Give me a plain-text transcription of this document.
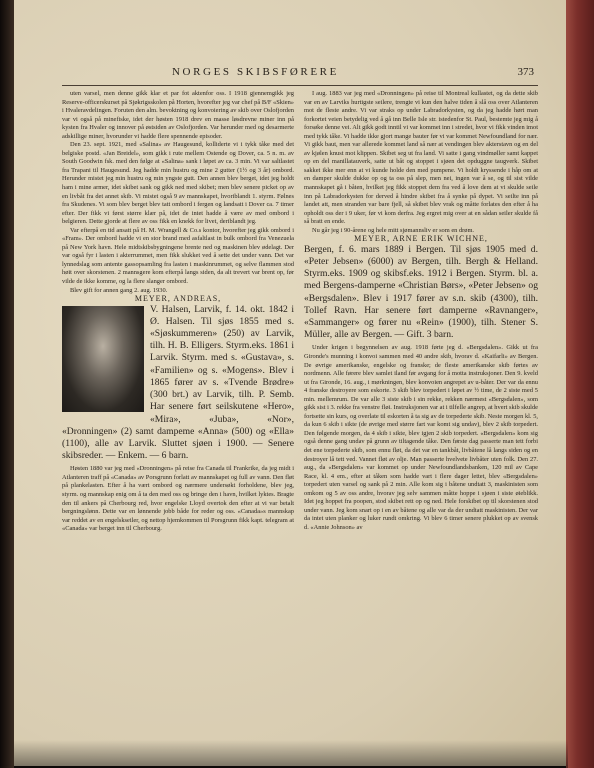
NORGES SKIBSFØRERE	373

uten varsel, men denne gikk klar et par fot aktenfor oss. I 1918 gjennemgikk jeg Reserve-officerskurset på Sjøkrigsskolen på Horten, hvorefter jeg var chef på B/F «Skien» i Hvaleravdelingen. Foruten den alm. bevoktning og konvoiering av skib over Oslofjorden var vi også på minefiske, idet der høsten 1918 drev en masse løsdrevne miner inn på kysten fra Hvaler og innover på østsiden av Oslofjorden. Var herunder med og desarmerte adskillige miner, hvorunder vi hadde flere spennende episoder.

Den 23. sept. 1921, med «Salina» av Haugesund, kolliderte vi i tykk tåke med det belgiske postd. «Jan Breidel», som gikk i rute mellem Ostende og Dover, ca. 5 n. m. av South Goodwin fsk. med den følge at «Salina» sank i løpet av ca. 3 min. Vi var saltlastet fra Trapani til Haugesund. Jeg hadde min hustru og mine 2 gutter (1½ og 3 år) ombord. Herunder mistet jeg min hustru og min yngste gutt. Den annen blev berget, idet jeg holdt ham i mine armer, idet skibet sank og gikk ned med skibet; men blev senere picket op av en livbåt fra det annet skib. Vi mistet også 9 av mannskapet, hvoriblandt 1. styrm. Følnes fra Skudenes. Vi som blev berget blev tatt ombord i fergen og landsatt i Dover ca. 7 timer efter. Der fikk vi først større klær på, idet de intet hadde å være av med ombord i belgieren. Dette gjorde at flere av oss fikk en knekk for livet, deriblandt jeg.

Var efterpå en tid ansatt på H. M. Wrangell & Co.s kontor, hvorefter jeg gikk ombord i «Fram». Der ombord hadde vi en stor brand med asfaltlast in bulk ombord fra Venezuela på New York havn. Hele midtskibsbygningene brente ned og maskinen blev ødelagt. Der var også fyr i lasten i akterrummet, men fikk slukket ved å sette det under vann. Det var lynnedslag som antente gassopsamling fra lasten i maskinrummet, og selve flammen stod høit over skorstenen. 2 mannsgere kom efterpå langs siden, da alt trevert var brent op, før vilde de ikke komme, og la flere slanger ombord.

Blev gift for annen gang 2. aug. 1930.

MEYER, ANDREAS,

V. Halsen, Larvik, f. 14. okt. 1842 i Ø. Halsen. Til sjøs 1855 med s. «Sjøskummeren» (250) av Larvik, tilh. H. B. Elligers. Styrm.eks. 1861 i Larvik. Styrm. med s. «Gustava», s. «Familien» og s. «Mogens». Blev i 1865 fører av s. «Tvende Brødre» (300 brt.) av Larvik, tilh. P. Semb. Har senere ført seilskutene «Hero», «Mira», «Juba», «Nor», «Dronningen» (2) samt dampeme «Anna» (500) og «Ella» (1100), alle av Larvik. Sluttet sjøen i 1900. — Senere skibsreder. — Enkem. — 6 barn.

Høsten 1880 var jeg med «Dronningen» på reise fra Canada til Frankrike, da jeg midt i Atlanteren traff på «Canada» av Porsgrunn forlatt av mannskapet og full av vann. Den fløt på plankelasten. Efter å ha vært ombord og nærmere undersøkt forholdene, blev jeg, styrm. og mannskap enig om å ta den med oss og bringe den i havn, hvilket lyktes. Bragte den til ankers på Cherbourg red, hvor engelske Lloyd overtok den efter at vi var betalt bergningslønn. Dette var en lønnende jobb både for reder og oss. «Canada»s mannskap var reddet av en engelskseiler, og nettop hjemkommen til Porsgrunn fikk kapt. telegram at «Canada» var berget inn til Cherbourg.

I aug. 1883 var jeg med «Dronningen» på reise til Montreal kullastet, og da dette skib var en av Larviks hurtigste seilere, trengte vi kun den halve tiden å slå oss over Atlanteren mot de fleste andre. Vi var straks op under Labradorkysten, og da jeg hadde hørt man forkortet veien betydelig ved å gå inn Belle Isle str. istedenfor St. Paul, bestemte jeg mig å forsøke denne vei. Alt gikk godt inntil vi var kommet inn i stredet, hvor vi fikk vinden imot med tykk tåke. Vi hadde ikke gjort mange bauter før vi var kommet Newfoundland for nær. Vi gikk baut, men var allerede kommet land så nær at vendingen blev akterstavn og en del av kjølen knust mot klippen. Skibet seg ut fra land. Vi satte i gang vindmøller samt kappet op en del manillatauverk, satte ut båt og stoppet i sjøen det opduggne taugverk. Skibet sakket ikke mer enn at vi kunde holde den med pumpene. Vi holdt kryssende i håp om at en damper skulde dukke op og ta oss på slep, men nei, ingen var å se, og til sist vilde mannskapet gå i båten, hvilket jeg fikk stoppet dem fra ved å love dem at vi skulde seile inn på Labradorkysten for derved å hindre skibet fra å synke på dypet. Vi seilte inn på landet att, men stranden var bare fjell, så skibet blev vrak og måtte forlates den efter å ha opholdt oss der i 9 uker, før vi kom derfra. Jeg ergret mig over at en sådan seiler skulde få så bratt en ende.

Nu går jeg i 90-årene og hele mitt sjømannsliv er som en drøm.

MEYER, ARNE ERIK WICHNE,

Bergen, f. 6. mars 1889 i Bergen. Til sjøs 1905 med d. «Peter Jebsen» (6000) av Bergen, tilh. Bergh & Helland. Styrm.eks. 1909 og skibsf.eks. 1912 i Bergen. Styrm. bl. a. med Bergens-damperne «Christian Børs», «Peter Jebsen» og «Bergsdalen». Blev i 1917 fører av s.n. skib (4300), tilh. Tollef Ravn. Har senere ført damperne «Ravnanger», «Sammanger» og fører nu «Rein» (1900), tilh. Stener S. Müller, alle av Bergen. — Gift. 3 barn.

Under krigen i begynnelsen av aug. 1918 førte jeg d. «Bergsdalen». Gikk ut fra Gironde's munning i konvoi sammen med 40 andre skib, hvorav d. «Kaifarli» av Bergen. De øvrige amerikanske, engelske og franske; de fleste amerikanske skib førtes av nordmenn. Alle førere blev samlet iland før avgang for å motta instruksjoner. Den 9. kveld ut fra Gironde, 16. aug., i mørkningen, blev konvoien angrepet av u-båter. Der var da ennu 4 franske destroyere som eskorte. 3 skib blev torpedert i løpet av ½ time, de 2 siste med 5 min. mellemrum. De var alle 3 siste skib i sin rekke, rekken nærmest «Bergsdalen», som gikk sist i 3. rekke fra venstre fløi. Instruksjonen var at i tilfelle angrep, at hvert skib skulde fortsette sin kurs, og overlate til eskorten å ta sig av de torpederte skib. Neste morgen kl. 5, da kun 6 skib i sikte (de øvrige med større fart var komt sig undav), blev 2 skib torpedert. Den følgende morgen, da 4 skib i sikte, blev igjen 2 skib torpedert. «Bergsdalen» kom sig også denne gang undav på grunn av tiltagende tåke. Den første dag passerte man tett forbi det ene torpederte skib, som ennu fløt, da det var en tankbåt, livbåtene lå langs siden og en destroyer lå tett ved. Vannet fløt av olje. Man passerte hvelvete livbåter uten folk. Den 27. aug., da «Bergsdalen» var kommet op under Newfoundlandsbanken, 120 mil av Cape Race, kl. 4 em., efter at tåken som hadde vart i flere dager lettet, blev «Bergsdalen» torpedert uten varsel og sank på 2 min. Alle kom sig i båtene undtatt 3, maskinisten som omkom og 5 av oss andre, hvorav jeg selv sammen måtte hoppe i sjøen i siste øieblikk. Idet jeg hoppet fra poopen, stod skibet rett op og ned. Hele forskibet op til skorstenen stod under vann. Jeg kom snart op i en av båtene og alle var da der undtatt maskinisten. Der var da intet uten planker og luker rundt omkring. Vi blev 6 timer senere plukket op av svensk d. «Annie Johnson» av
